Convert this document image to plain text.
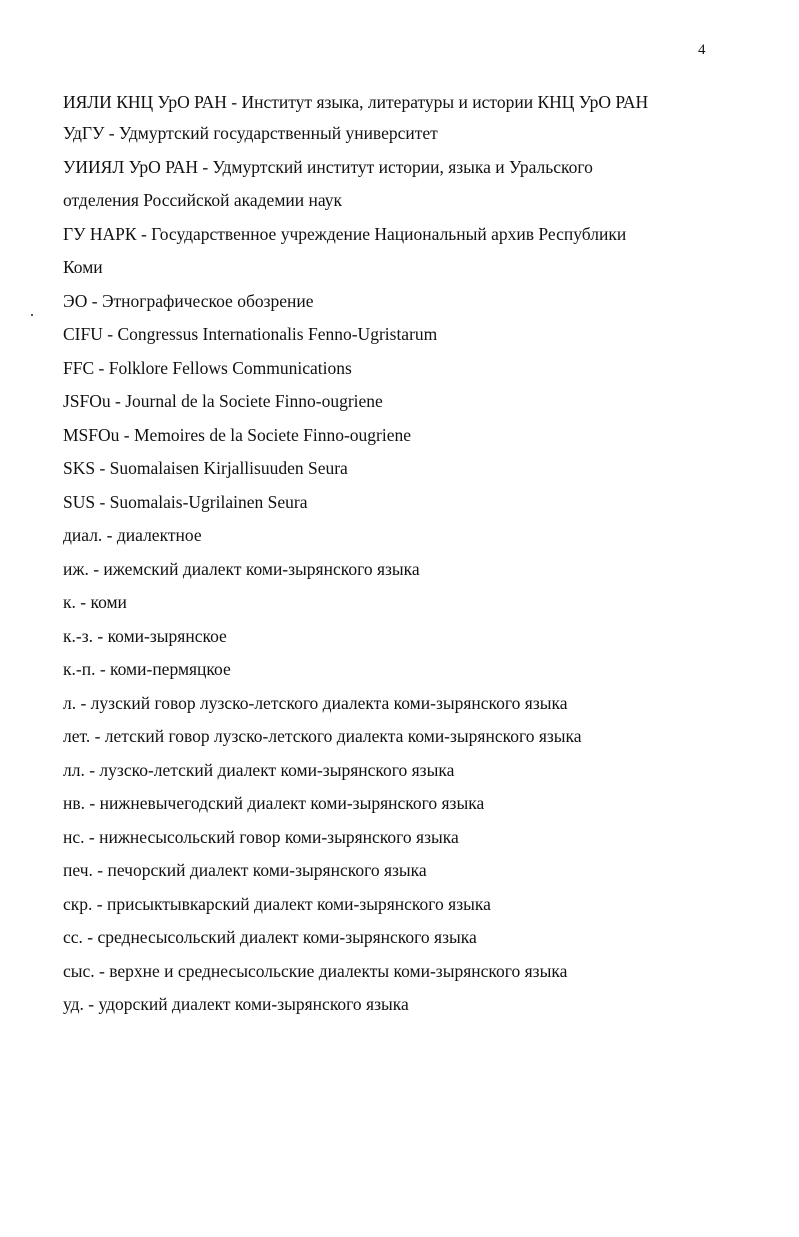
4
ИЯЛИ КНЦ УрО РАН - Институт языка, литературы и истории КНЦ УрО РАН
УдГУ - Удмуртский государственный университет
УИИЯЛ УрО РАН - Удмуртский институт истории, языка и Уральского
отделения Российской академии наук
ГУ НАРК - Государственное учреждение Национальный архив Республики
Коми
ЭО - Этнографическое обозрение
CIFU - Congressus Internationalis Fenno-Ugristarum
FFC - Folklore Fellows Communications
JSFOu - Journal de la Societe Finno-ougriene
MSFOu - Memoires de la Societe Finno-ougriene
SKS - Suomalaisen Kirjallisuuden Seura
SUS - Suomalais-Ugrilainen Seura
диал. - диалектное
иж. - ижемский диалект коми-зырянского языка
к. - коми
к.-з. - коми-зырянское
к.-п. - коми-пермяцкое
л. - лузский говор лузско-летского диалекта коми-зырянского языка
лет. - летский говор лузско-летского диалекта коми-зырянского языка
лл. - лузско-летский диалект коми-зырянского языка
нв. - нижневычегодский диалект коми-зырянского языка
нс. - нижнесысольский говор коми-зырянского языка
печ. - печорский диалект коми-зырянского языка
скр. - присыктывкарский диалект коми-зырянского языка
сс. - среднесысольский диалект коми-зырянского языка
сыс. - верхне и среднесысольские диалекты коми-зырянского языка
уд. - удорский диалект коми-зырянского языка
